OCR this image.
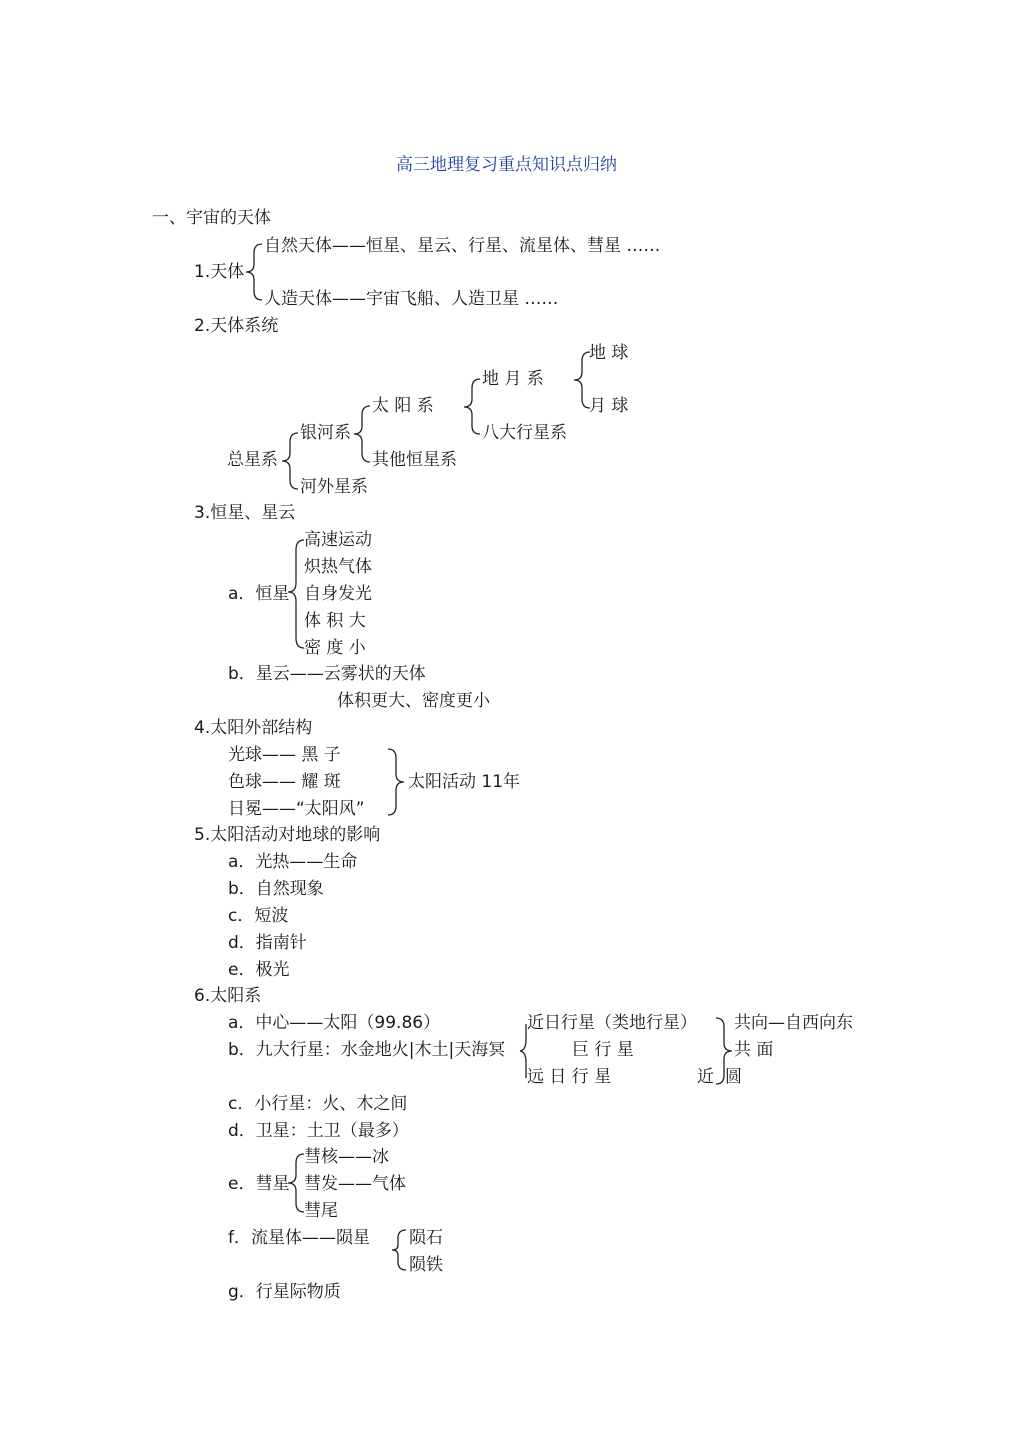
高三地理复习重点知识点归纳
一、宇宙的天体
1.天体
自然天体——恒星、星云、行星、流星体、彗星 ……
人造天体——宇宙飞船、人造卫星 ……
2.天体系统
地 球
地 月 系
月 球
太 阳 系
八大行星系
银河系
总星系	其他恒星系
河外星系
3.恒星、星云
高速运动
炽热气体
a．恒星 自身发光
体 积 大
密 度 小
b．星云——云雾状的天体
体积更大、密度更小
4.太阳外部结构
光球—— 黑 子
色球—— 耀 斑	太阳活动 11年
日冕——“太阳风”
5.太阳活动对地球的影响
a．光热——生命
b．自然现象
c．短波
d．指南针
e．极光
6.太阳系
a．中心——太阳（99.86）	近日行星（类地行星） 共向—自西向东
b．九大行星：水金地火|木土|天海冥	巨 行 星	共 面
远 日 行 星	近 圆
c．小行星：火、木之间
d．卫星：土卫（最多）
彗核——冰
e．彗星 彗发——气体
彗尾
f．流星体——陨星 陨石
陨铁
g．行星际物质
